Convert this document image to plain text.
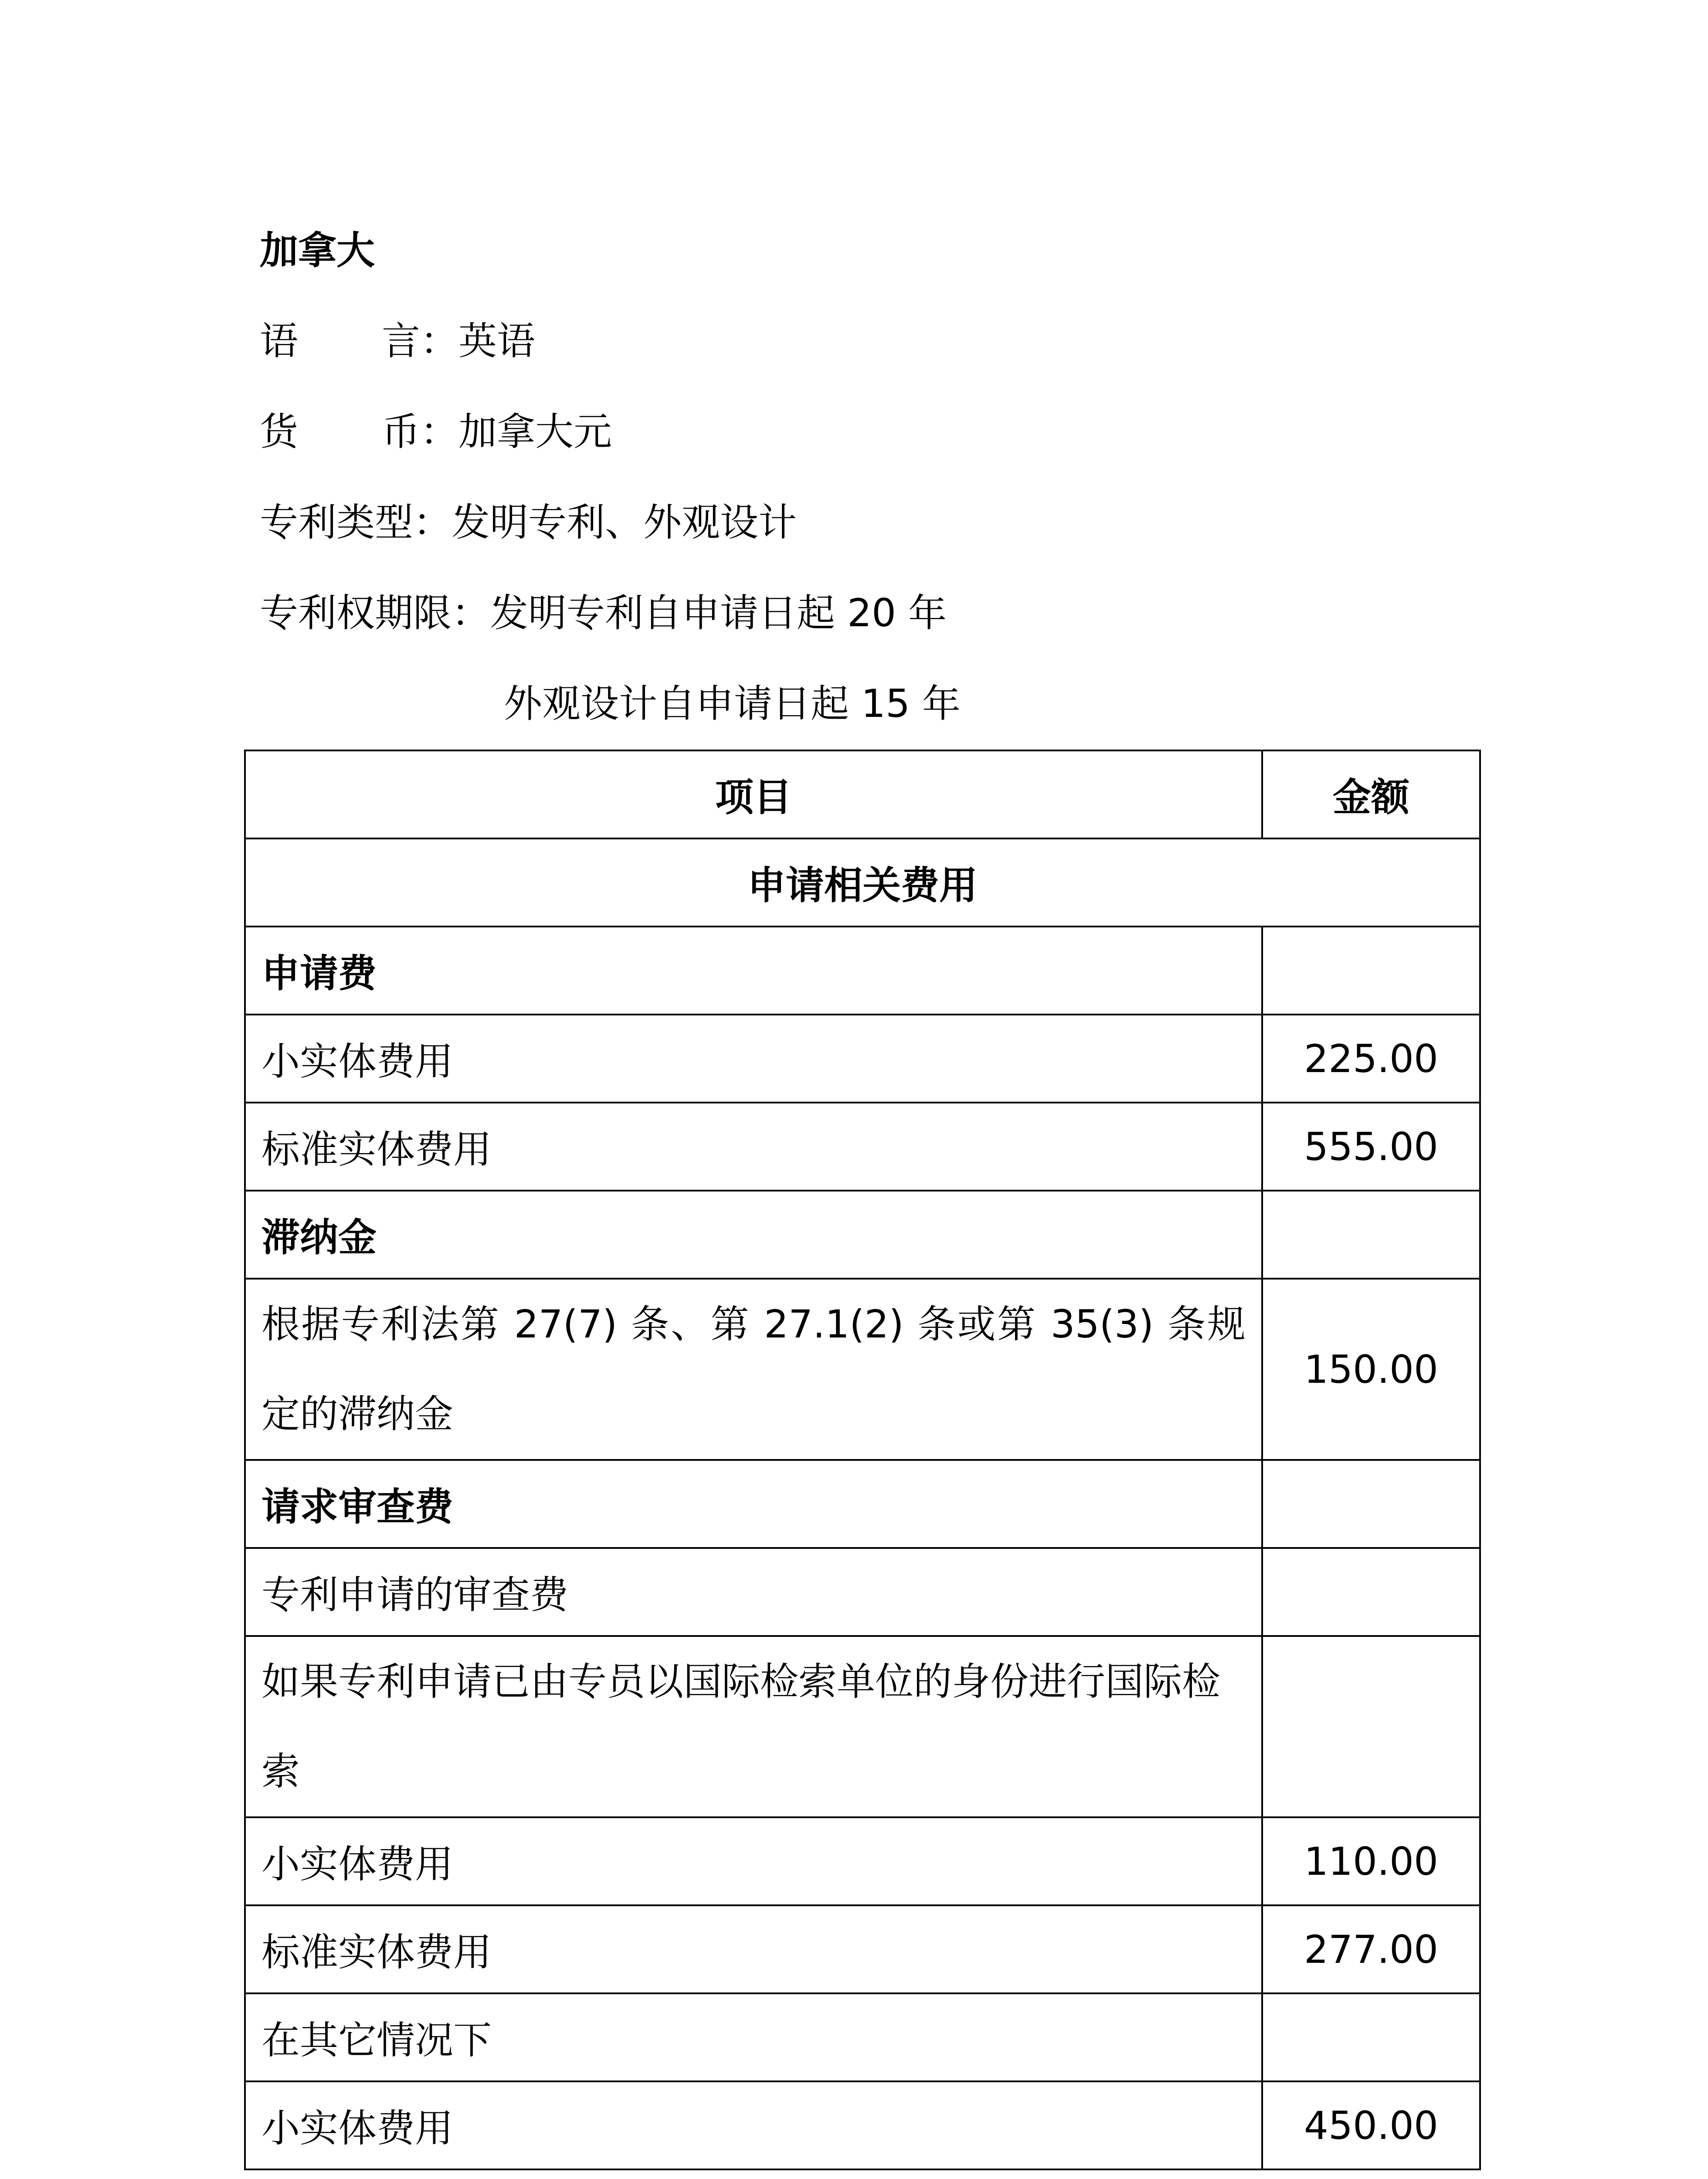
加拿大
语 言：英语
货 币：加拿大元
专利类型：发明专利、外观设计
专利权期限：发明专利自申请日起 20 年
外观设计自申请日起 15 年
项目	金额
申请相关费用	
申请费	
小实体费用	225.00
标准实体费用	555.00
滞纳金	
根据专利法第 27(7) 条、第 27.1(2) 条或第 35(3) 条规定的滞纳金	150.00
请求审查费	
专利申请的审查费	
如果专利申请已由专员以国际检索单位的身份进行国际检索	
小实体费用	110.00
标准实体费用	277.00
在其它情况下	
小实体费用	450.00
